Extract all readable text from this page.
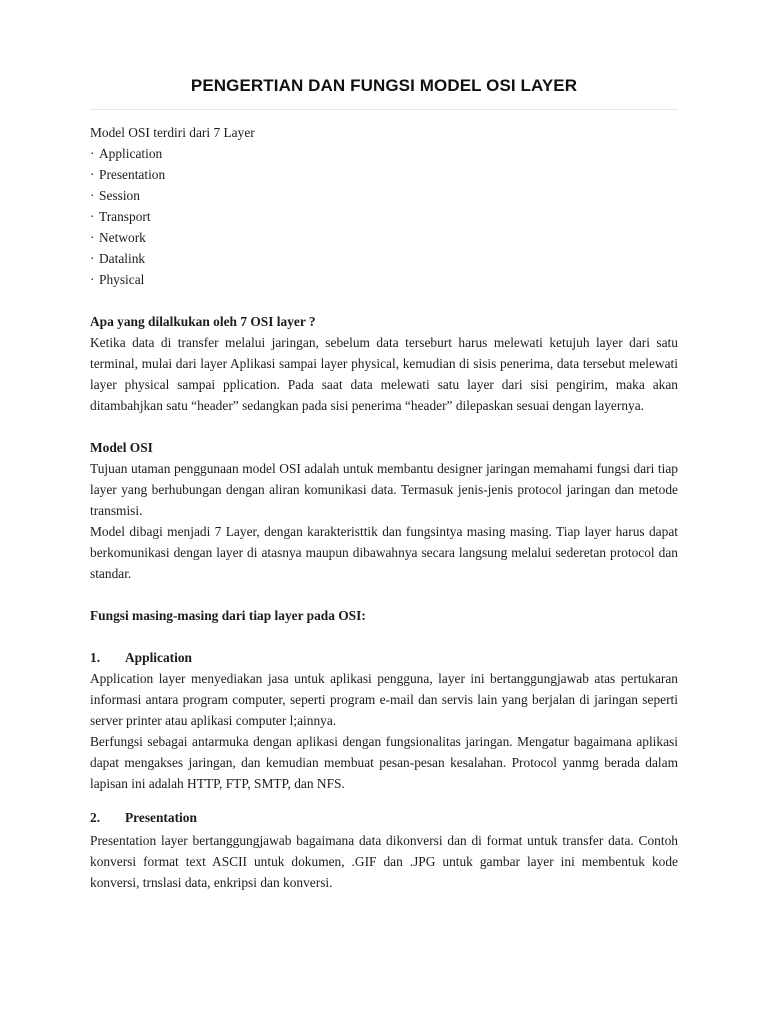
PENGERTIAN DAN FUNGSI MODEL OSI LAYER

Model OSI terdiri dari 7 Layer

· Application

· Presentation

· Session

· Transport

· Network

· Datalink

· Physical

Apa yang dilalkukan oleh 7 OSI layer ?

Ketika data di transfer melalui jaringan, sebelum data terseburt harus melewati ketujuh layer dari satu terminal, mulai dari layer Aplikasi sampai layer physical, kemudian di sisis penerima, data tersebut melewati layer physical sampai pplication. Pada saat data melewati satu layer dari sisi pengirim, maka akan ditambahjkan satu “header” sedangkan pada sisi penerima “header” dilepaskan sesuai dengan layernya.

Model OSI

Tujuan utaman penggunaan model OSI adalah untuk membantu designer jaringan memahami fungsi dari tiap layer yang berhubungan dengan aliran komunikasi data. Termasuk jenis-jenis protocol jaringan dan metode transmisi.
Model dibagi menjadi 7 Layer, dengan karakteristtik dan fungsintya masing masing. Tiap layer harus dapat berkomunikasi dengan layer di atasnya maupun dibawahnya secara langsung melalui sederetan protocol dan standar.

Fungsi masing-masing dari tiap layer pada OSI:

1. Application

Application layer menyediakan jasa untuk aplikasi pengguna, layer ini bertanggungjawab atas pertukaran informasi antara program computer, seperti program e-mail dan servis lain yang berjalan di jaringan seperti server printer atau aplikasi computer l;ainnya.
Berfungsi sebagai antarmuka dengan aplikasi dengan fungsionalitas jaringan. Mengatur bagaimana aplikasi dapat mengakses jaringan, dan kemudian membuat pesan-pesan kesalahan. Protocol yanmg berada dalam lapisan ini adalah HTTP, FTP, SMTP, dan NFS.

2. Presentation

Presentation layer bertanggungjawab bagaimana data dikonversi dan di format untuk transfer data. Contoh konversi format text ASCII untuk dokumen, .GIF dan .JPG untuk gambar layer ini membentuk kode konversi, trnslasi data, enkripsi dan konversi.
